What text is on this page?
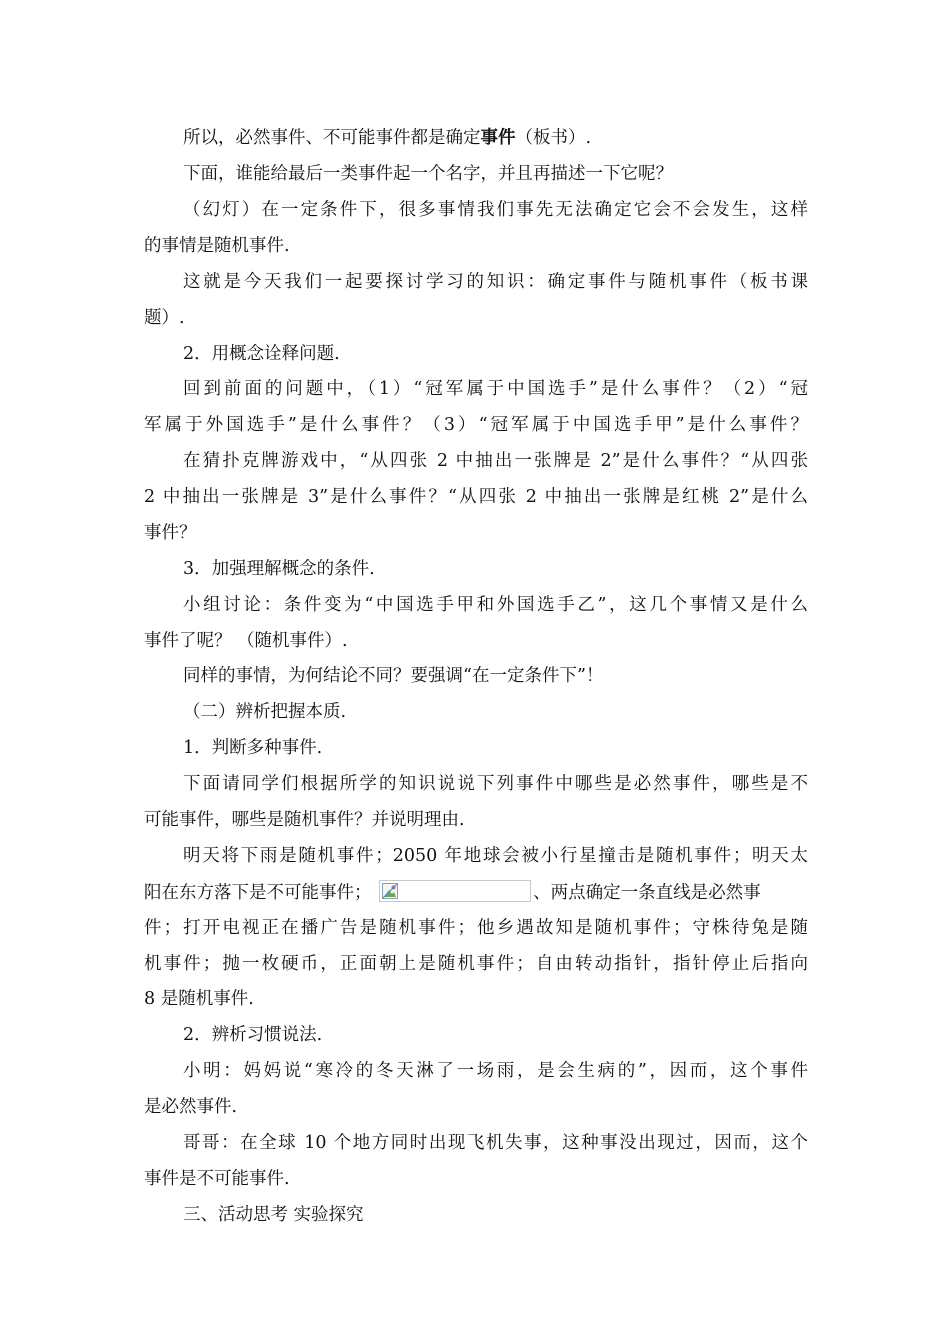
所以，必然事件、不可能事件都是确定事件（板书）.
下面，谁能给最后一类事件起一个名字，并且再描述一下它呢？
（幻灯）在一定条件下，很多事情我们事先无法确定它会不会发生，这样
的事情是随机事件.
这就是今天我们一起要探讨学习的知识：确定事件与随机事件（板书课
题）.
2．用概念诠释问题.
回到前面的问题中，（1）“冠军属于中国选手”是什么事件？（2）“冠
军属于外国选手”是什么事件？（3）“冠军属于中国选手甲”是什么事件？
在猜扑克牌游戏中，“从四张 2 中抽出一张牌是 2”是什么事件？“从四张
2 中抽出一张牌是 3”是什么事件？“从四张 2 中抽出一张牌是红桃 2”是什么
事件？
3．加强理解概念的条件.
小组讨论：条件变为“中国选手甲和外国选手乙”，这几个事情又是什么
事件了呢？ （随机事件）.
同样的事情，为何结论不同？要强调“在一定条件下”！
（二）辨析把握本质.
1．判断多种事件.
下面请同学们根据所学的知识说说下列事件中哪些是必然事件，哪些是不
可能事件，哪些是随机事件？并说明理由.
明天将下雨是随机事件；2050 年地球会被小行星撞击是随机事件；明天太
阳在东方落下是不可能事件；	、两点确定一条直线是必然事
件；打开电视正在播广告是随机事件；他乡遇故知是随机事件；守株待兔是随
机事件；抛一枚硬币，正面朝上是随机事件；自由转动指针，指针停止后指向
8 是随机事件.
2．辨析习惯说法.
小明：妈妈说“寒冷的冬天淋了一场雨，是会生病的”，因而，这个事件
是必然事件.
哥哥：在全球 10 个地方同时出现飞机失事，这种事没出现过，因而，这个
事件是不可能事件.
三、活动思考 实验探究
